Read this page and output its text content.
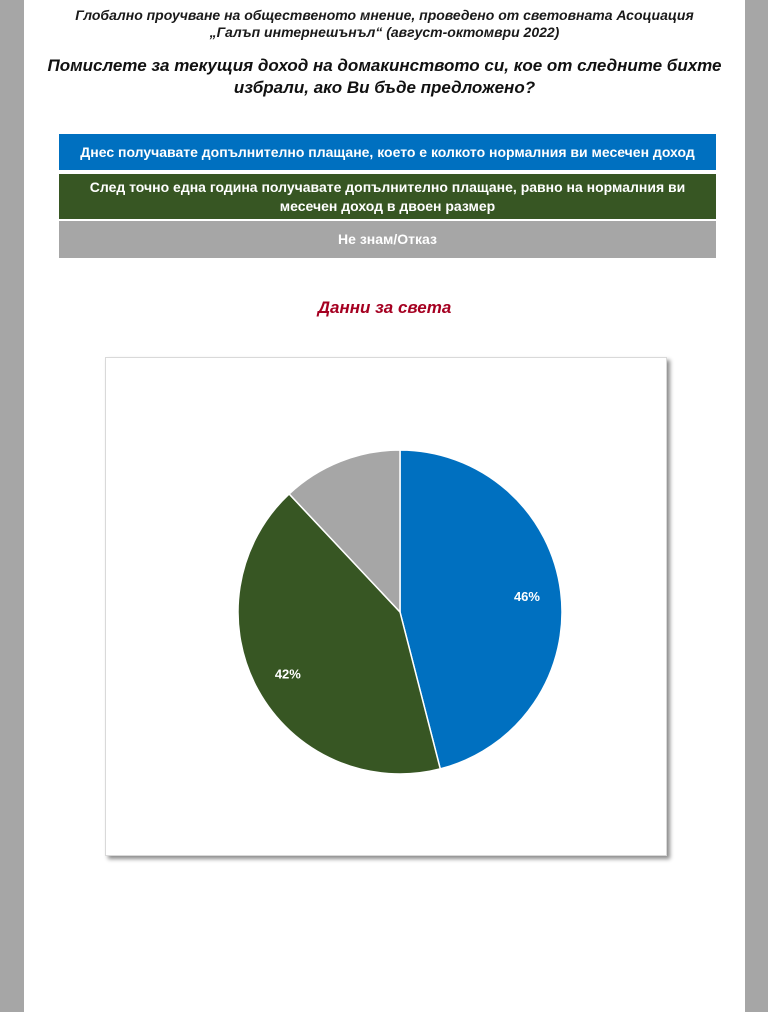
Глобално проучване на общественото мнение, проведено от световната Асоциация
„Галъп интернешънъл“ (август-октомври 2022)
Помислете за текущия доход на домакинството си, кое от следните бихте
избрали, ако Ви бъде предложено?
Днес получавате допълнително плащане, което е колкото нормалния ви месечен доход
След точно една година получавате допълнително плащане, равно на нормалния ви
месечен доход в двоен размер
Не знам/Отказ
Данни за света
46%
42%
